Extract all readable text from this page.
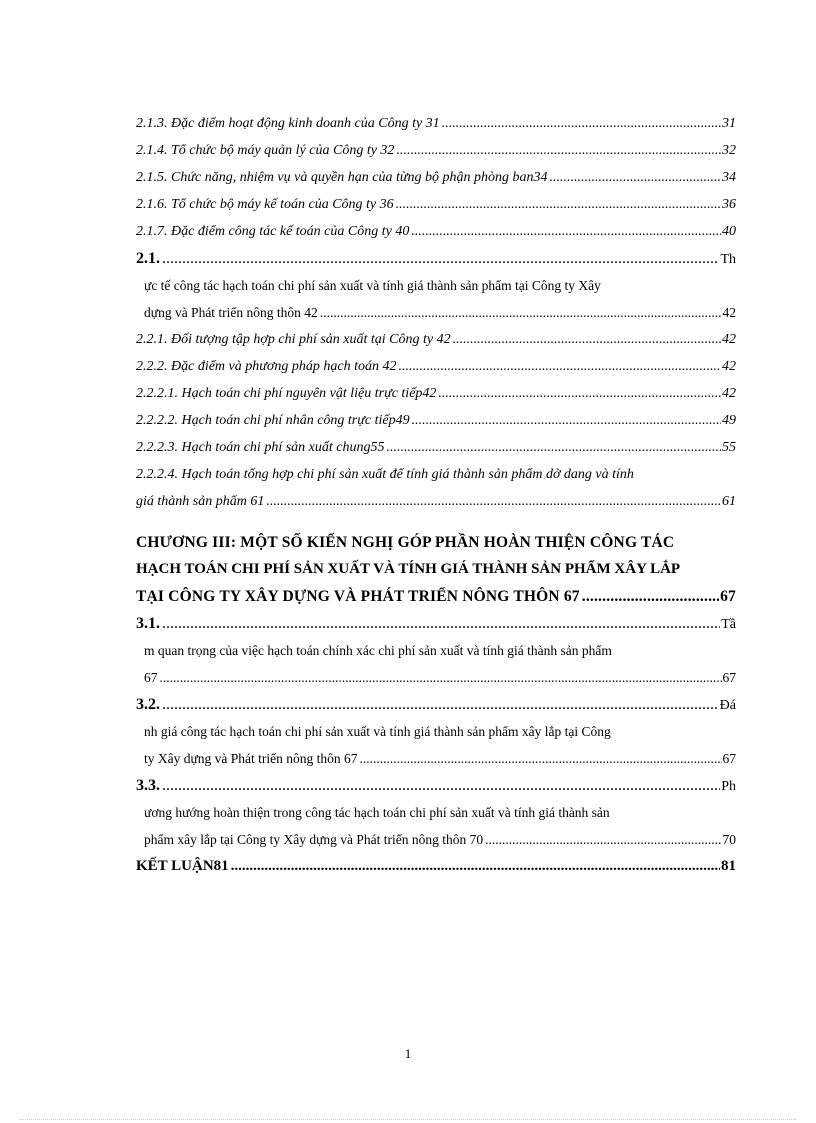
2.1.3. Đặc điểm hoạt động kinh doanh của Công ty 31 .....	31
2.1.4. Tổ chức bộ máy quản lý của Công ty 32 .....	32
2.1.5. Chức năng, nhiệm vụ và quyền hạn của từng bộ phận phòng ban34 .....	34
2.1.6. Tổ chức bộ máy kế toán của Công ty 36 .....	36
2.1.7. Đặc điểm công tác kế toán của Công ty 40 .....	40
2.1. .....	Th
ực tế công tác hạch toán chi phí sản xuất và tính giá thành sản phẩm tại Công ty Xây
dựng và Phát triển nông thôn 42 .....	42
2.2.1. Đối tượng tập hợp chi phí sản xuất tại Công ty 42 .....	42
2.2.2. Đặc điểm và phương pháp hạch toán 42 .....	42
2.2.2.1. Hạch toán chi phí nguyên vật liệu trực tiếp42 .....	42
2.2.2.2. Hạch toán chi phí nhân công trực tiếp49 .....	49
2.2.2.3. Hạch toán chi phí sản xuất chung55 .....	55
2.2.2.4. Hạch toán tổng hợp chi phí sản xuất để tính giá thành sản phẩm dở dang và tính
giá thành sản phẩm 61 .....	61
CHƯƠNG III: MỘT SỐ KIẾN NGHỊ GÓP PHẦN HOÀN THIỆN CÔNG TÁC
HẠCH TOÁN CHI PHÍ SẢN XUẤT VÀ TÍNH GIÁ THÀNH SẢN PHẨM XÂY LẮP
TẠI CÔNG TY XÂY DỰNG VÀ PHÁT TRIỂN NÔNG THÔN 67 .....	67
3.1. .....	Tầ
m quan trọng của việc hạch toán chính xác chi phí sản xuất và tính giá thành sản phẩm
67 .....	67
3.2. .....	Đá
nh giá công tác hạch toán chi phí sản xuất và tính giá thành sản phẩm xây lắp tại Công
ty Xây dựng và Phát triển nông thôn 67 .....	67
3.3. .....	Ph
ương hướng hoàn thiện trong công tác hạch toán chi phí sản xuất và tính giá thành sản
phẩm xây lắp tại Công ty Xây dựng và Phát triển nông thôn 70 .....	70
KẾT LUẬN81 .....	81
1
